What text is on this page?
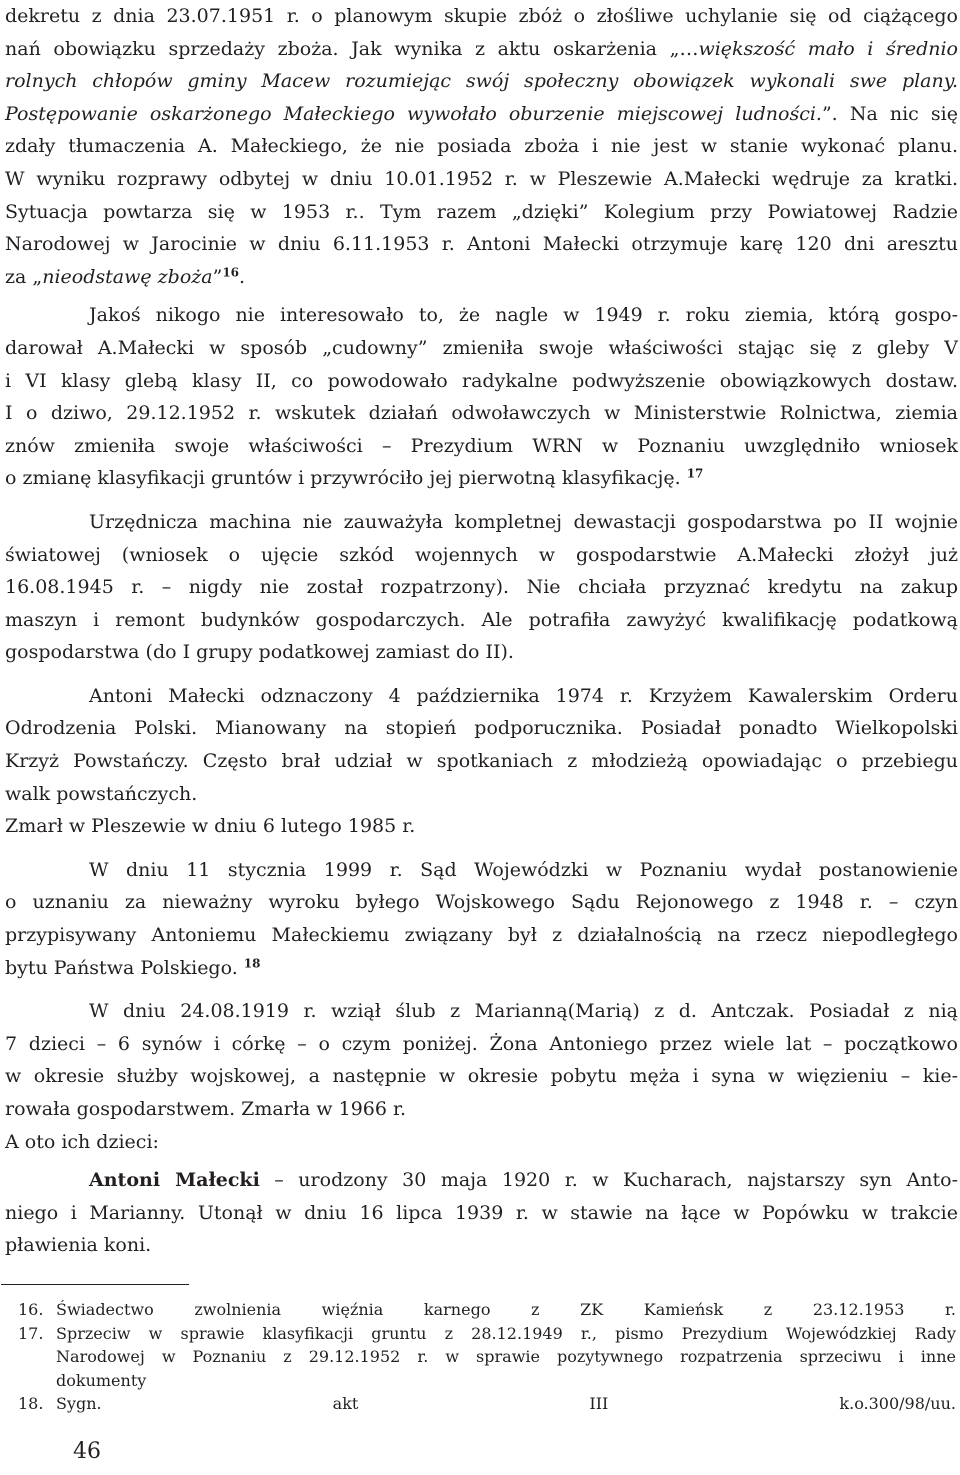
dekretu z dnia 23.07.1951 r. o planowym skupie zbóż o złośliwe uchylanie się od ciążącego
nań obowiązku sprzedaży zboża. Jak wynika z aktu oskarżenia „…większość mało i średnio
rolnych chłopów gminy Macew rozumiejąc swój społeczny obowiązek wykonali swe plany.
Postępowanie oskarżonego Małeckiego wywołało oburzenie miejscowej ludności.”. Na nic się
zdały tłumaczenia A. Małeckiego, że nie posiada zboża i nie jest w stanie wykonać planu.
W wyniku rozprawy odbytej w dniu 10.01.1952 r. w Pleszewie A.Małecki wędruje za kratki.
Sytuacja powtarza się w 1953 r.. Tym razem „dzięki” Kolegium przy Powiatowej Radzie
Narodowej w Jarocinie w dniu 6.11.1953 r. Antoni Małecki otrzymuje karę 120 dni aresztu
za „nieodstawę zboża”$^{16}$.

Jakoś nikogo nie interesowało to, że nagle w 1949 r. roku ziemia, którą gospo-
darował A.Małecki w sposób „cudowny” zmieniła swoje właściwości stając się z gleby V
i VI klasy glebą klasy II, co powodowało radykalne podwyższenie obowiązkowych dostaw.
I o dziwo, 29.12.1952 r. wskutek działań odwoławczych w Ministerstwie Rolnictwa, ziemia
znów zmieniła swoje właściwości – Prezydium WRN w Poznaniu uwzględniło wniosek
o zmianę klasyfikacji gruntów i przywróciło jej pierwotną klasyfikację. $^{17}$

Urzędnicza machina nie zauważyła kompletnej dewastacji gospodarstwa po II wojnie
światowej (wniosek o ujęcie szkód wojennych w gospodarstwie A.Małecki złożył już
16.08.1945 r. – nigdy nie został rozpatrzony). Nie chciała przyznać kredytu na zakup
maszyn i remont budynków gospodarczych. Ale potrafiła zawyżyć kwalifikację podatkową
gospodarstwa (do I grupy podatkowej zamiast do II).

Antoni Małecki odznaczony 4 października 1974 r. Krzyżem Kawalerskim Orderu
Odrodzenia Polski. Mianowany na stopień podporucznika. Posiadał ponadto Wielkopolski
Krzyż Powstańczy. Często brał udział w spotkaniach z młodzieżą opowiadając o przebiegu
walk powstańczych.

Zmarł w Pleszewie w dniu 6 lutego 1985 r.

W dniu 11 stycznia 1999 r. Sąd Wojewódzki w Poznaniu wydał postanowienie
o uznaniu za nieważny wyroku byłego Wojskowego Sądu Rejonowego z 1948 r. – czyn
przypisywany Antoniemu Małeckiemu związany był z działalnością na rzecz niepodległego
bytu Państwa Polskiego. $^{18}$

W dniu 24.08.1919 r. wziął ślub z Marianną(Marią) z d. Antczak. Posiadał z nią
7 dzieci – 6 synów i córkę – o czym poniżej. Żona Antoniego przez wiele lat – początkowo
w okresie służby wojskowej, a następnie w okresie pobytu męża i syna w więzieniu – kie-
rowała gospodarstwem. Zmarła w 1966 r.

A oto ich dzieci:

Antoni Małecki – urodzony 30 maja 1920 r. w Kucharach, najstarszy syn Anto-
niego i Marianny. Utonął w dniu 16 lipca 1939 r. w stawie na łące w Popówku w trakcie
pławienia koni.

16. Świadectwo zwolnienia więźnia karnego z ZK Kamieńsk z 23.12.1953 r.
17. Sprzeciw w sprawie klasyfikacji gruntu z 28.12.1949 r., pismo Prezydium Wojewódzkiej Rady
Narodowej w Poznaniu z 29.12.1952 r. w sprawie pozytywnego rozpatrzenia sprzeciwu i inne
dokumenty
18. Sygn. akt III k.o.300/98/uu.
46
